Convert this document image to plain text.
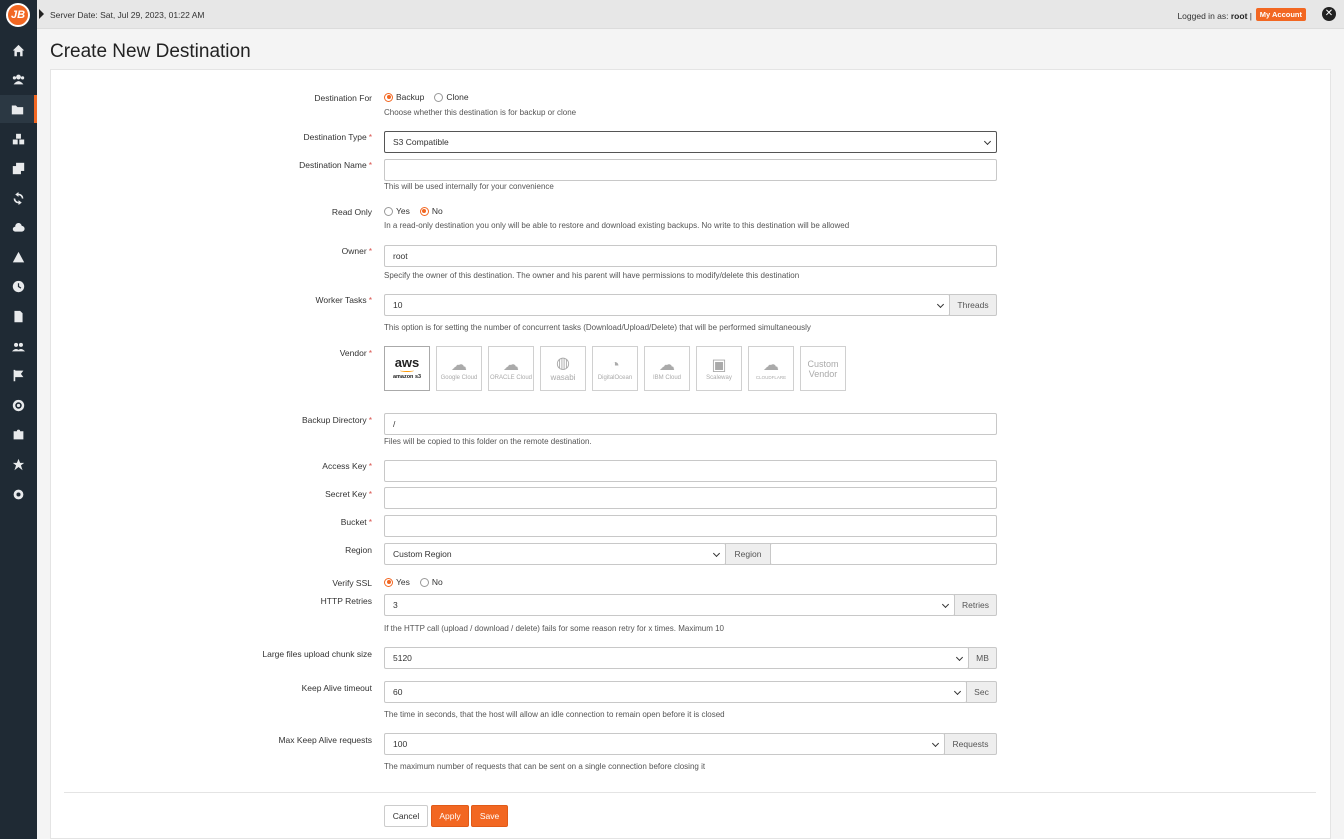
JB	Server Date: Sat, Jul 29, 2023, 01:22 AM	Logged in as: root |	My Account	✕
Create New Destination
Destination For	Backup	Clone
Choose whether this destination is for backup or clone
Destination Type *	S3 Compatible
Destination Name *
This will be used internally for your convenience
Read Only	Yes	No
In a read-only destination you only will be able to restore and download existing backups. No write to this destination will be allowed
Owner *	root
Specify the owner of this destination. The owner and his parent will have permissions to modify/delete this destination
Worker Tasks *	10	Threads
This option is for setting the number of concurrent tasks (Download/Upload/Delete) that will be performed simultaneously
Vendor *
aws
amazon s3
☁
Google Cloud
☁
ORACLE Cloud
◍
wasabi
◔
DigitalOcean
☁
IBM Cloud
▣
Scaleway
☁
CLOUDFLARE
Custom Vendor
Backup Directory *	/
Files will be copied to this folder on the remote destination.
Access Key *
Secret Key *
Bucket *
Region	Custom Region	Region
Verify SSL	Yes	No
HTTP Retries	3	Retries
If the HTTP call (upload / download / delete) fails for some reason retry for x times. Maximum 10
Large files upload chunk size	5120	MB
Keep Alive timeout	60	Sec
The time in seconds, that the host will allow an idle connection to remain open before it is closed
Max Keep Alive requests	100	Requests
The maximum number of requests that can be sent on a single connection before closing it
Cancel	Apply	Save
